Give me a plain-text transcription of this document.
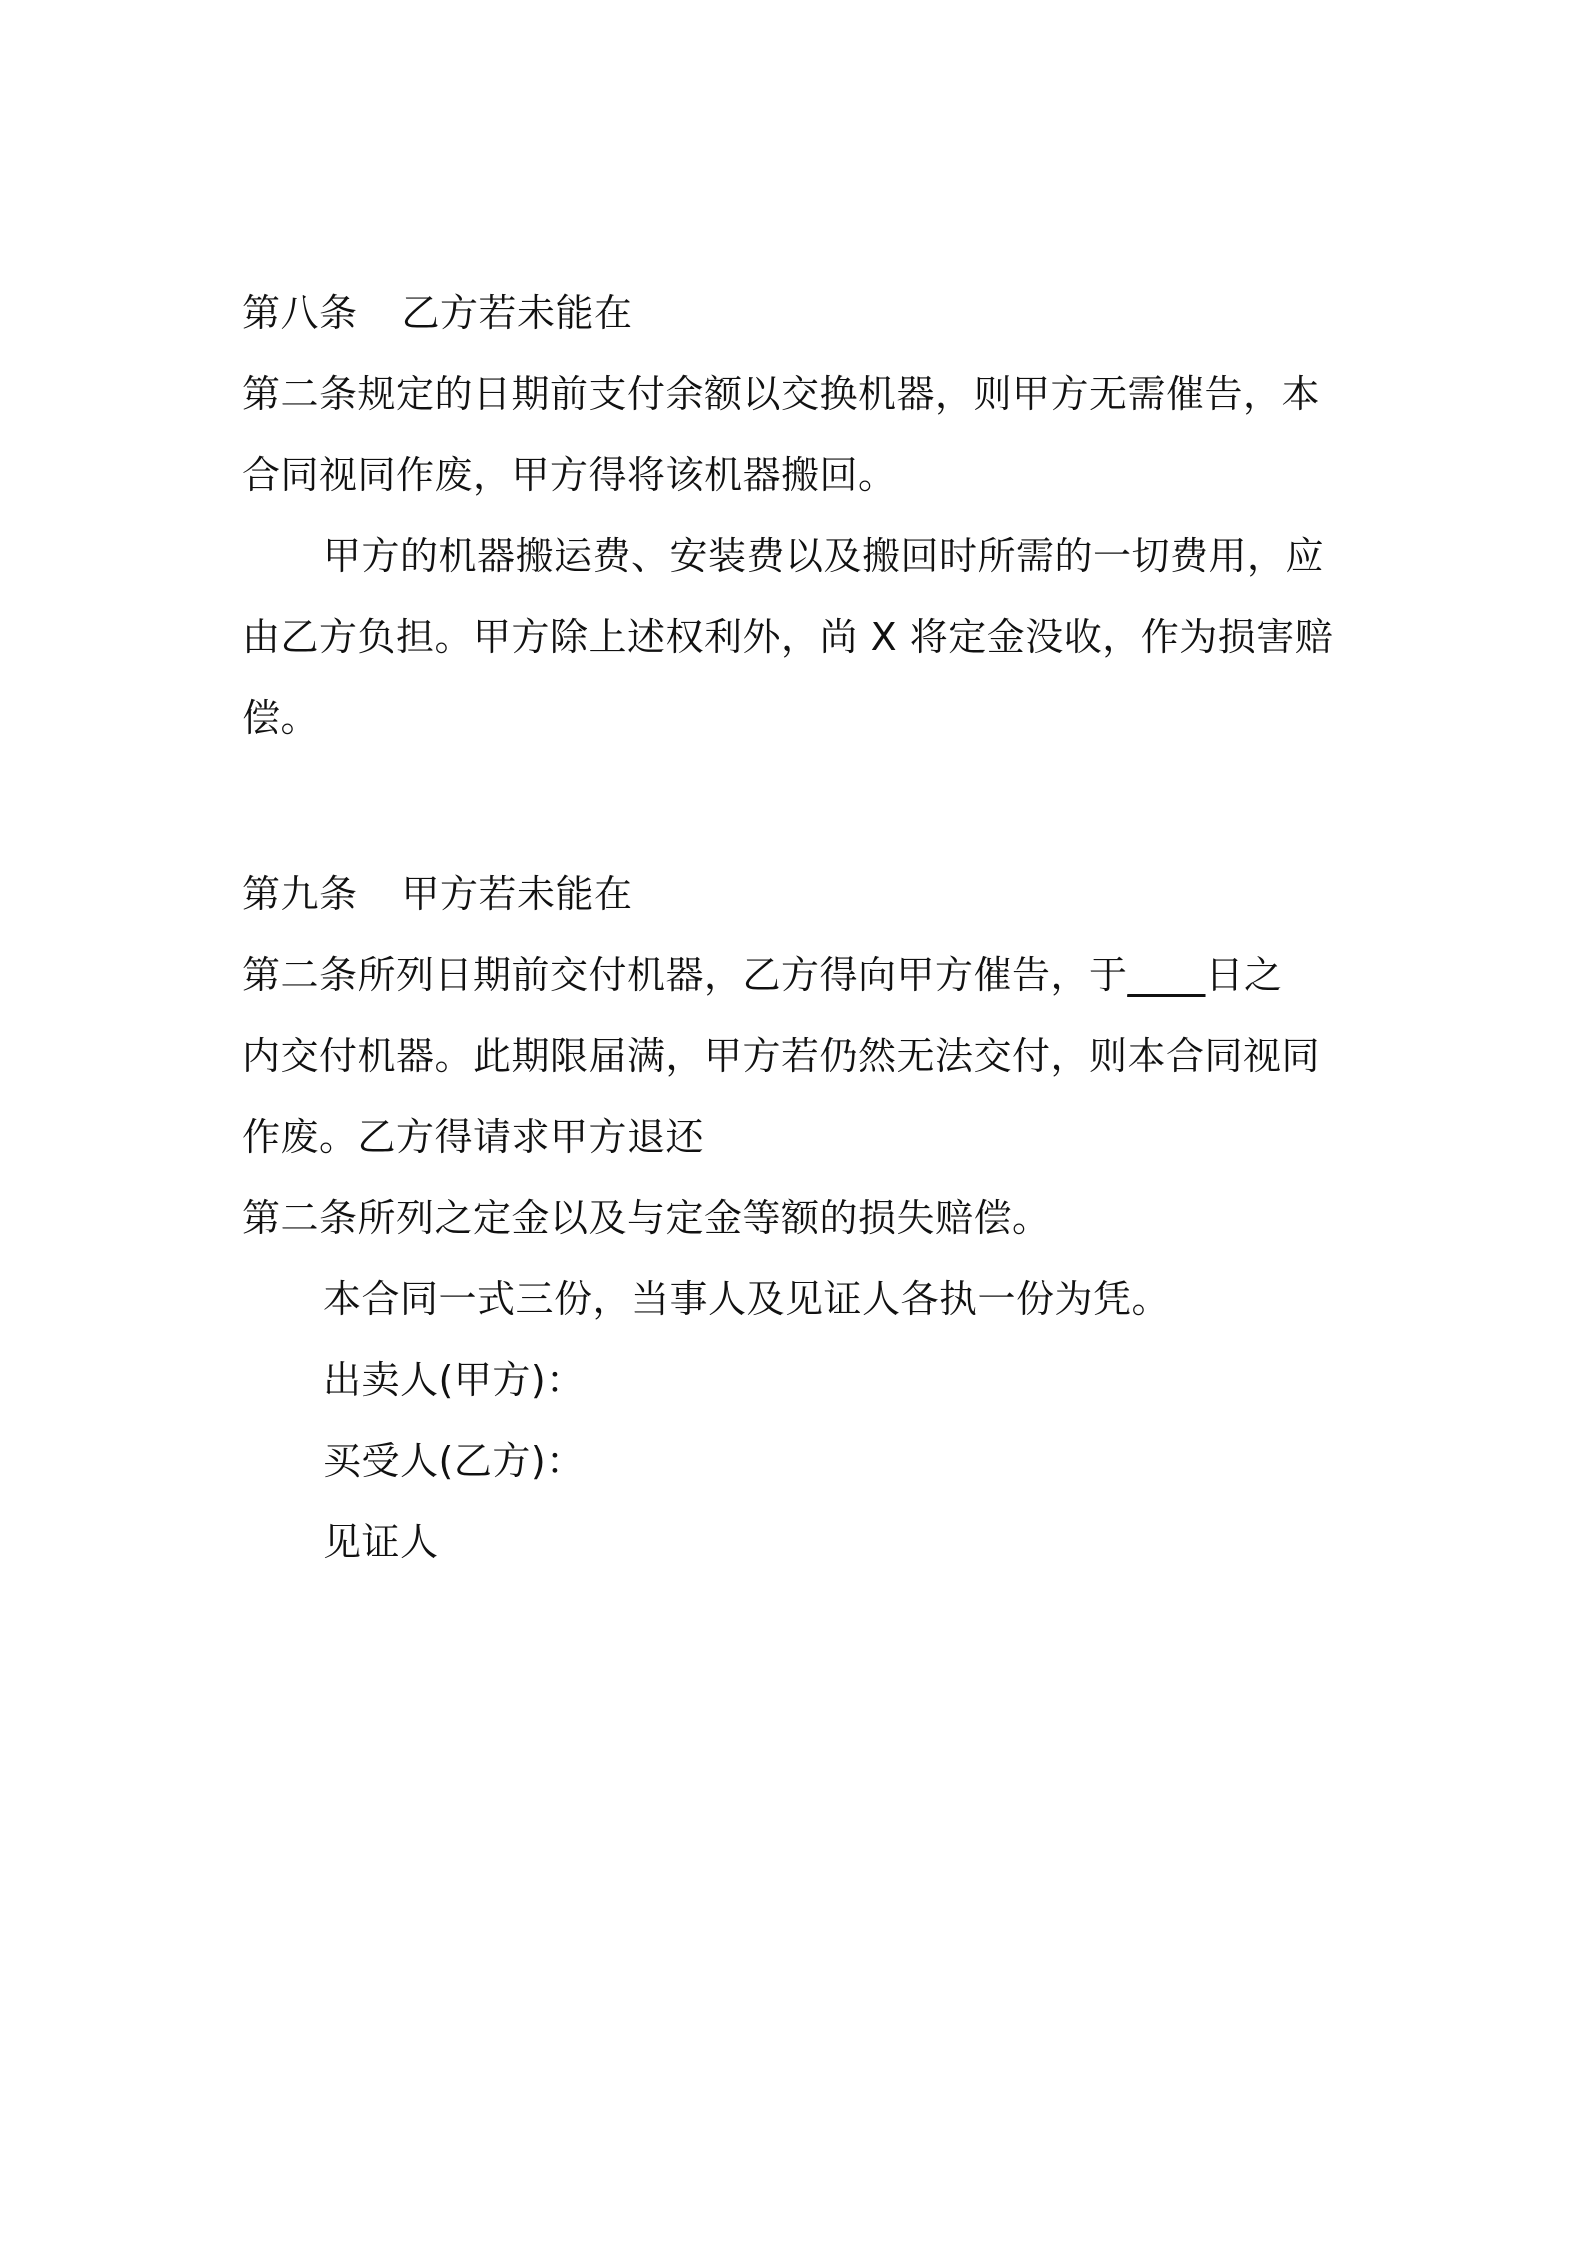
第八条 乙方若未能在
第二条规定的日期前支付余额以交换机器，则甲方无需催告，本
合同视同作废，甲方得将该机器搬回。
甲方的机器搬运费、安装费以及搬回时所需的一切费用，应
由乙方负担。甲方除上述权利外，尚 X 将定金没收，作为损害赔
偿。
第九条 甲方若未能在
第二条所列日期前交付机器，乙方得向甲方催告，于____日之
内交付机器。此期限届满，甲方若仍然无法交付，则本合同视同
作废。乙方得请求甲方退还
第二条所列之定金以及与定金等额的损失赔偿。
本合同一式三份，当事人及见证人各执一份为凭。
出卖人(甲方)：
买受人(乙方)：
见证人
